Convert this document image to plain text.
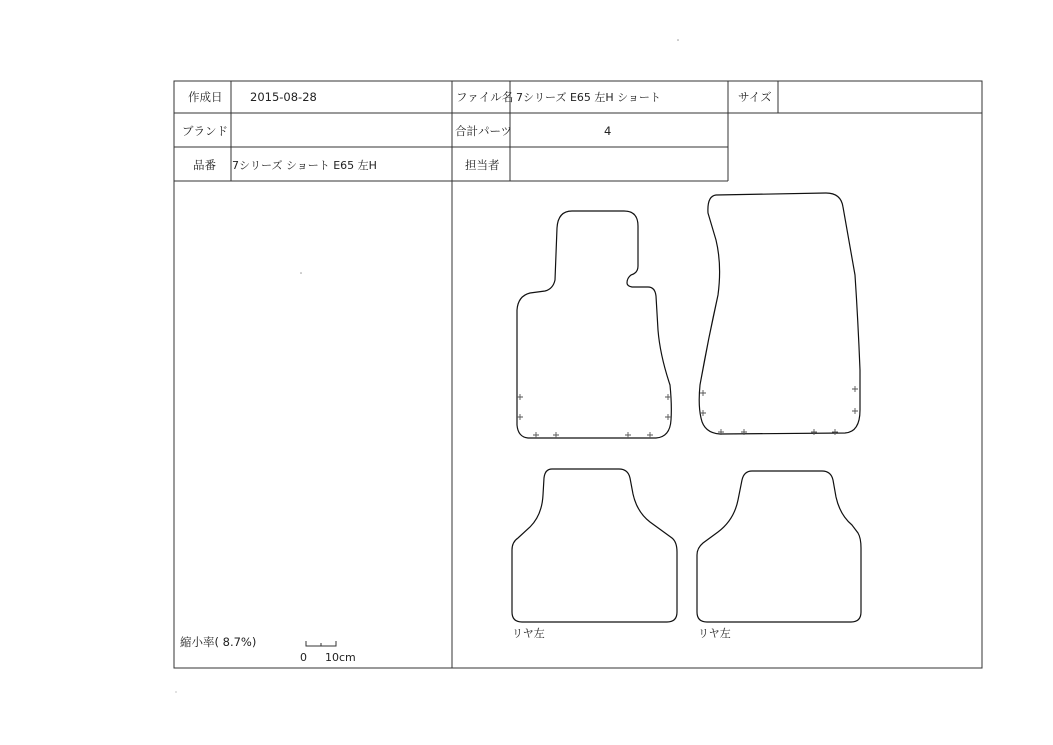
作成日 2015-08-28	ファイル名 7シリーズ E65 左H ショート	サイズ
ブランド	合計パーツ	4
品番 7シリーズ ショート E65 左H	担当者
リヤ左	リヤ左
縮小率( 8.7%)
0 10cm
